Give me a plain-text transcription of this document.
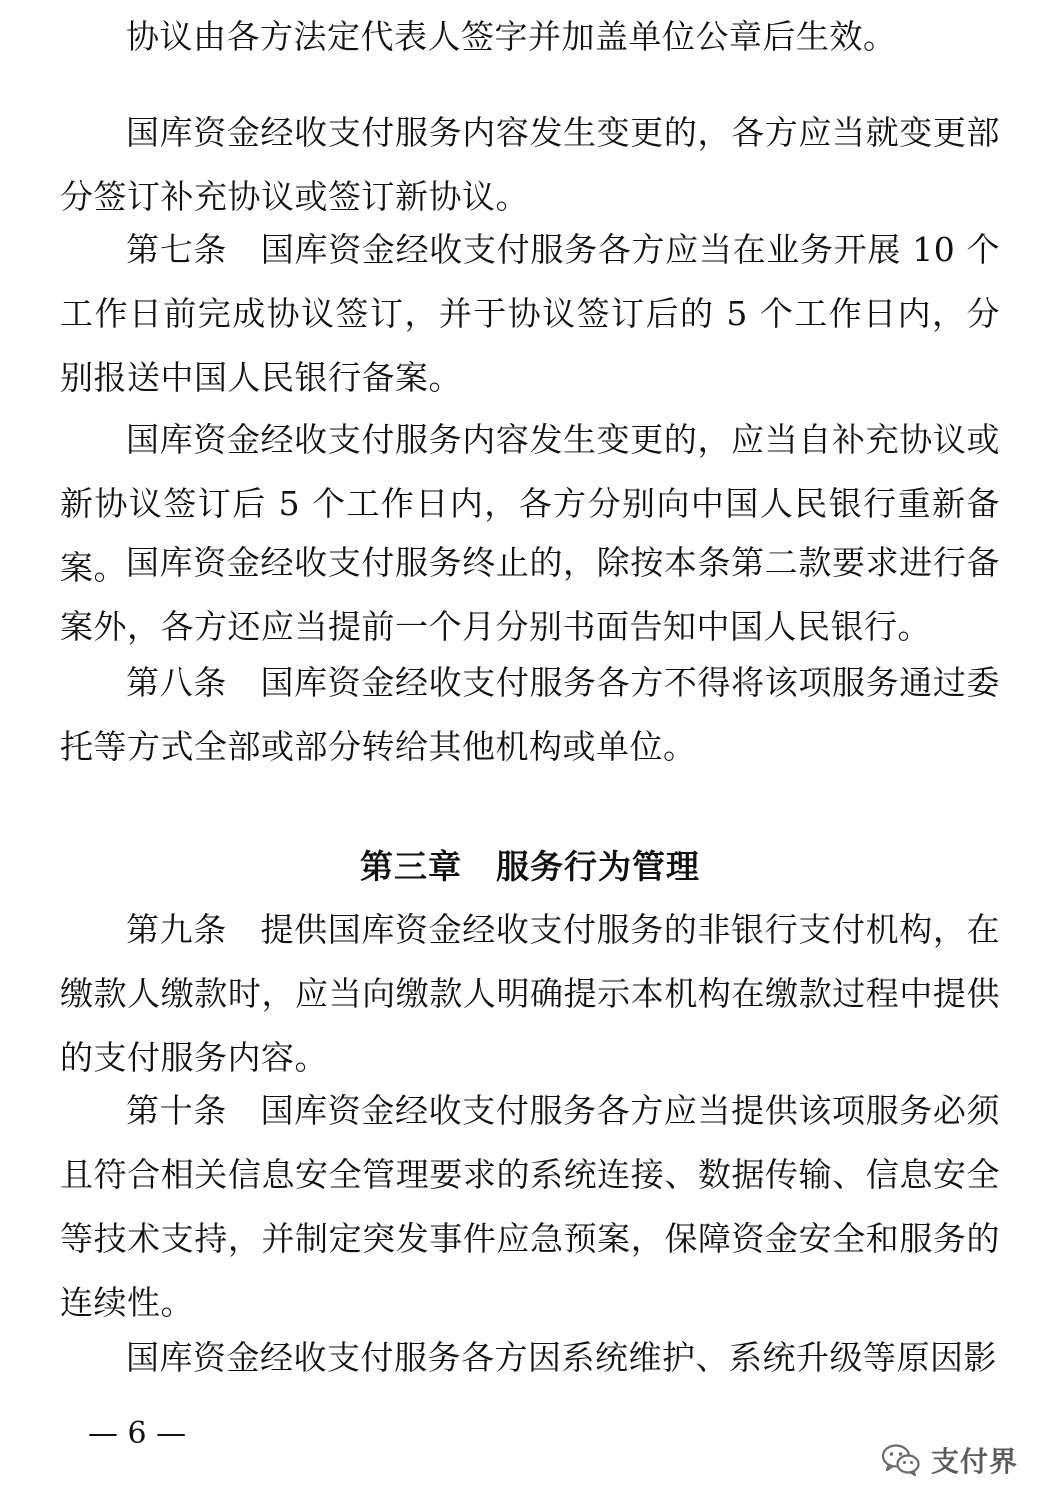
协议由各方法定代表人签字并加盖单位公章后生效。

国库资金经收支付服务内容发生变更的，各方应当就变更部分签订补充协议或签订新协议。

第七条　国库资金经收支付服务各方应当在业务开展 10 个工作日前完成协议签订，并于协议签订后的 5 个工作日内，分别报送中国人民银行备案。

国库资金经收支付服务内容发生变更的，应当自补充协议或新协议签订后 5 个工作日内，各方分别向中国人民银行重新备案。 国库资金经收支付服务终止的，除按本条第二款要求进行备案外，各方还应当提前一个月分别书面告知中国人民银行。

第八条　国库资金经收支付服务各方不得将该项服务通过委托等方式全部或部分转给其他机构或单位。

第三章 服务行为管理

第九条　提供国库资金经收支付服务的非银行支付机构，在缴款人缴款时，应当向缴款人明确提示本机构在缴款过程中提供的支付服务内容。

第十条　国库资金经收支付服务各方应当提供该项服务必须且符合相关信息安全管理要求的系统连接、数据传输、信息安全等技术支持，并制定突发事件应急预案，保障资金安全和服务的连续性。

国库资金经收支付服务各方因系统维护、系统升级等原因影

— 6 —

支付界
